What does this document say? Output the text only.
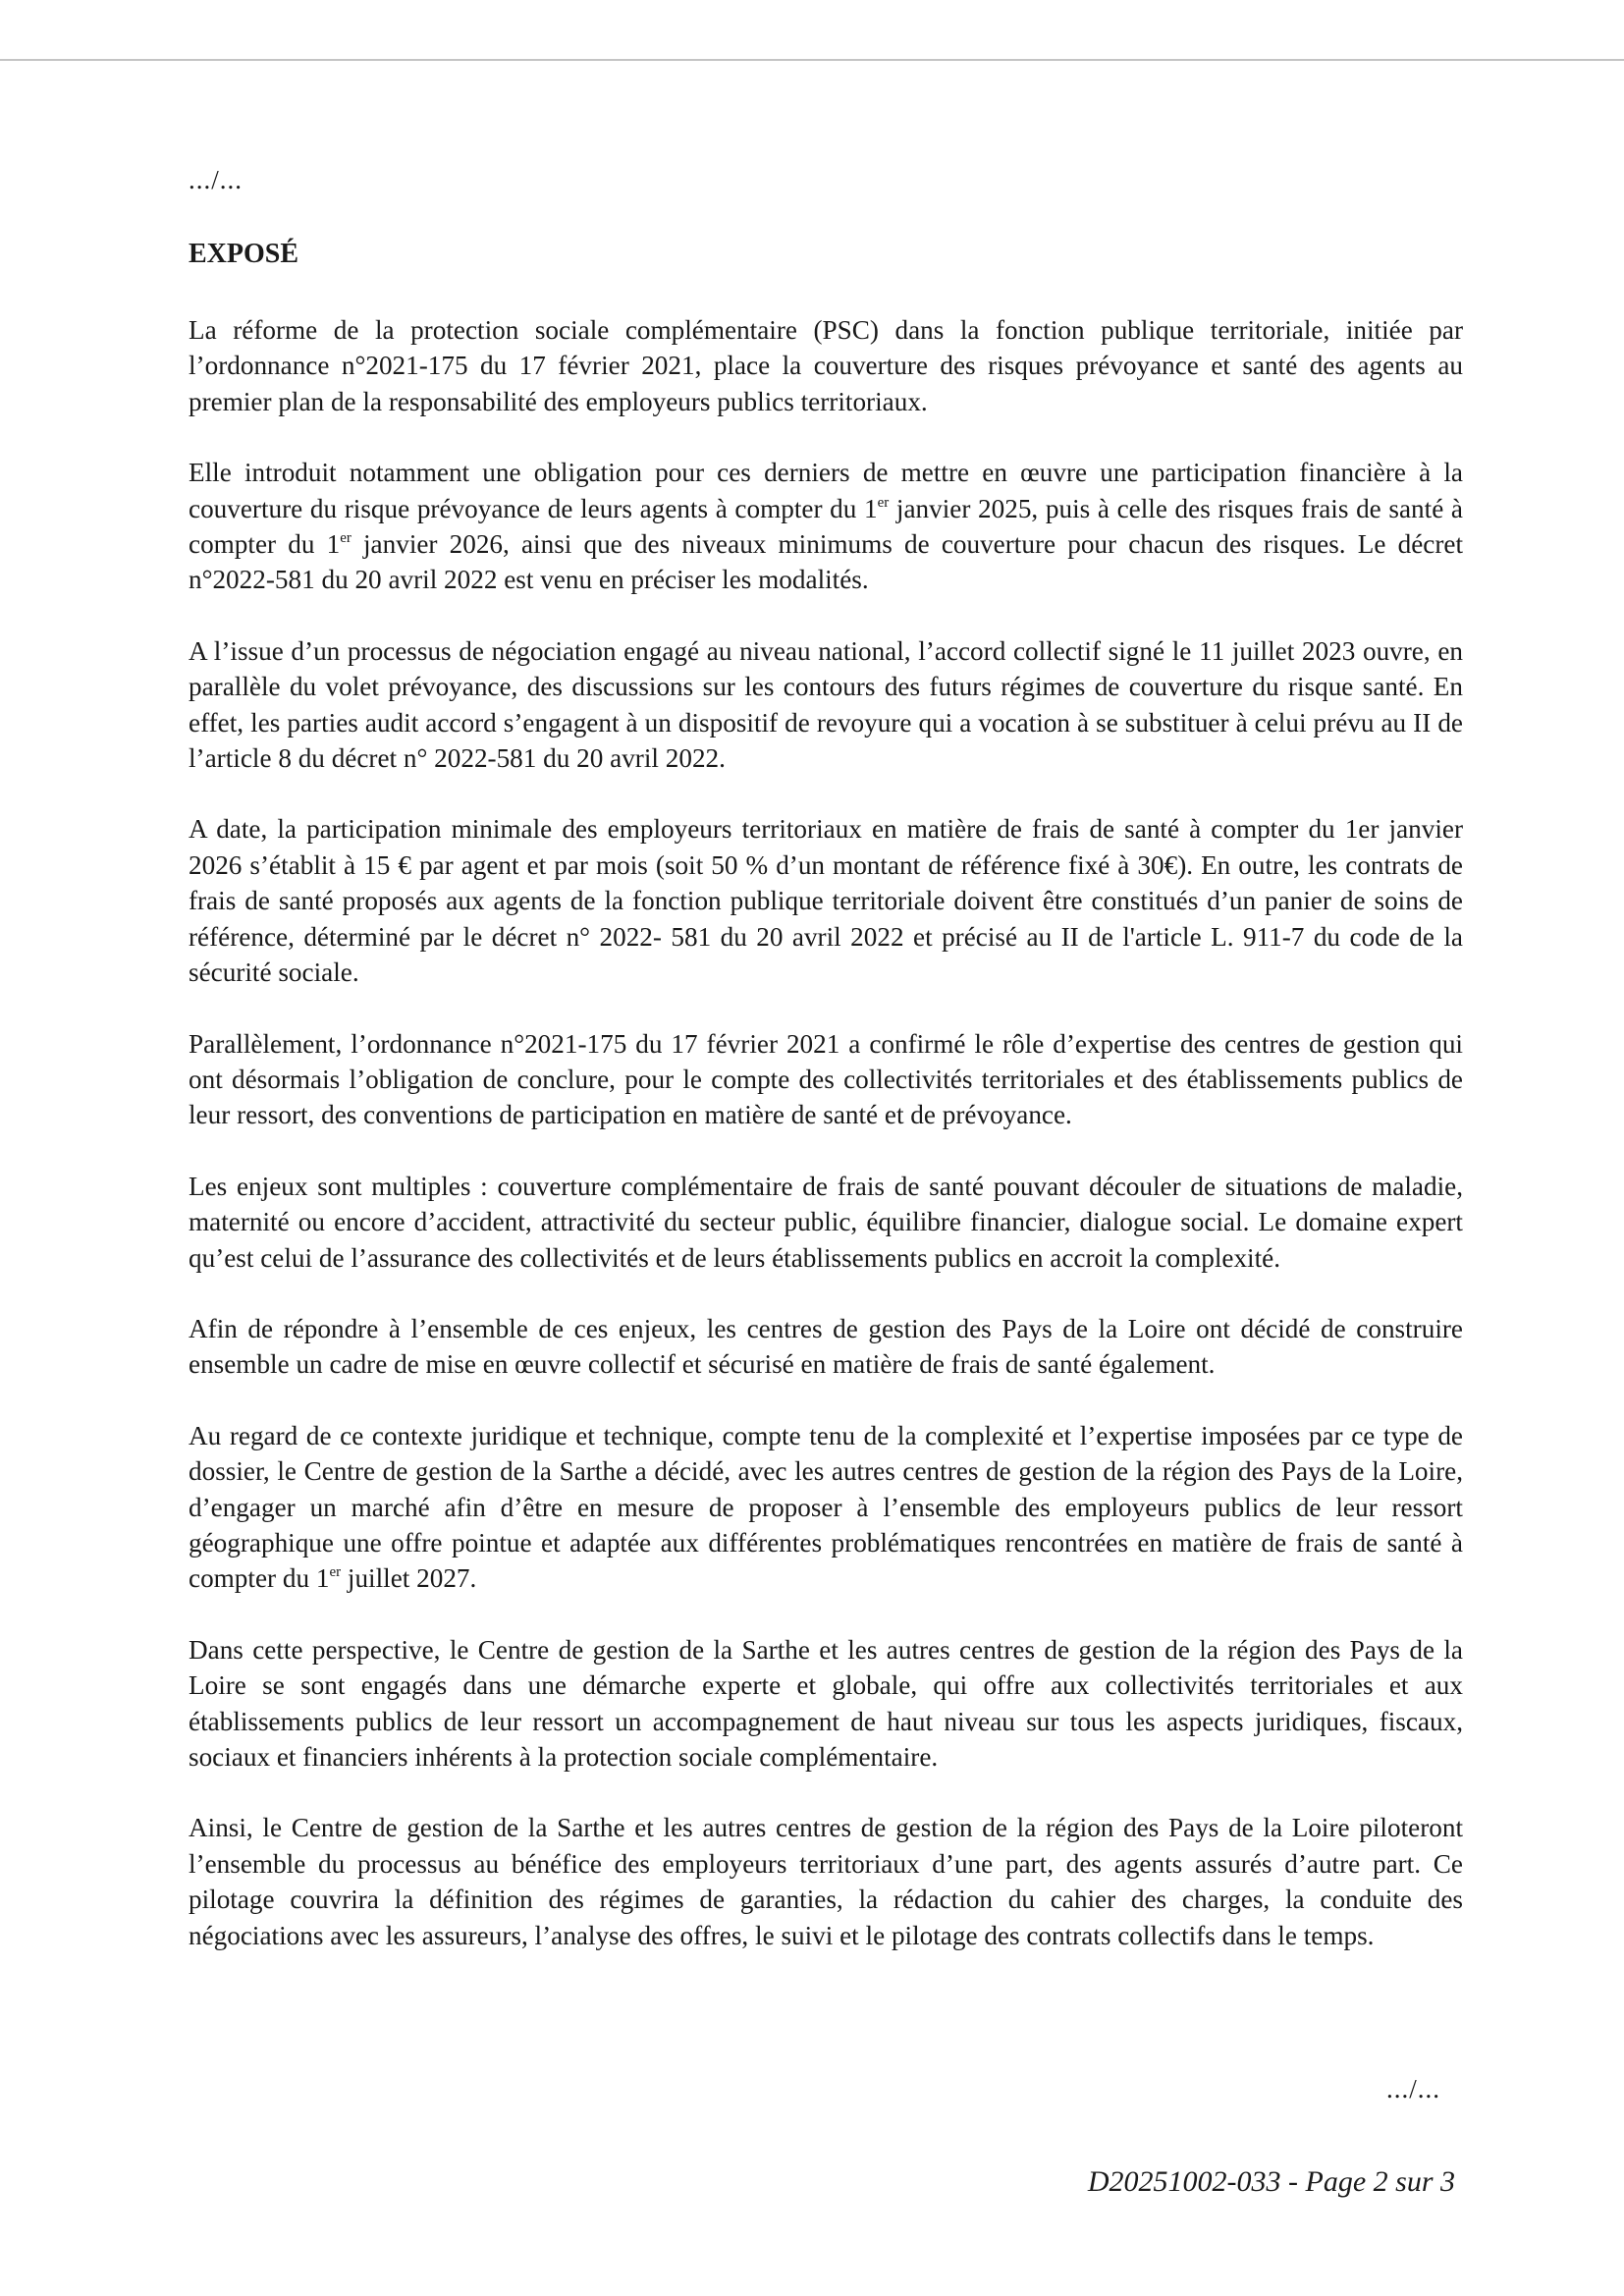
.../...
EXPOSÉ

La réforme de la protection sociale complémentaire (PSC) dans la fonction publique territoriale, initiée par l’ordonnance n°2021-175 du 17 février 2021, place la couverture des risques prévoyance et santé des agents au premier plan de la responsabilité des employeurs publics territoriaux.

Elle introduit notamment une obligation pour ces derniers de mettre en œuvre une participation financière à la couverture du risque prévoyance de leurs agents à compter du 1er janvier 2025, puis à celle des risques frais de santé à compter du 1er janvier 2026, ainsi que des niveaux minimums de couverture pour chacun des risques. Le décret n°2022-581 du 20 avril 2022 est venu en préciser les modalités.

A l’issue d’un processus de négociation engagé au niveau national, l’accord collectif signé le 11 juillet 2023 ouvre, en parallèle du volet prévoyance, des discussions sur les contours des futurs régimes de couverture du risque santé. En effet, les parties audit accord s’engagent à un dispositif de revoyure qui a vocation à se substituer à celui prévu au II de l’article 8 du décret n° 2022-581 du 20 avril 2022.

A date, la participation minimale des employeurs territoriaux en matière de frais de santé à compter du 1er janvier 2026 s’établit à 15 € par agent et par mois (soit 50 % d’un montant de référence fixé à 30€). En outre, les contrats de frais de santé proposés aux agents de la fonction publique territoriale doivent être constitués d’un panier de soins de référence, déterminé par le décret n° 2022- 581 du 20 avril 2022 et précisé au II de l'article L. 911-7 du code de la sécurité sociale.

Parallèlement, l’ordonnance n°2021-175 du 17 février 2021 a confirmé le rôle d’expertise des centres de gestion qui ont désormais l’obligation de conclure, pour le compte des collectivités territoriales et des établissements publics de leur ressort, des conventions de participation en matière de santé et de prévoyance.

Les enjeux sont multiples : couverture complémentaire de frais de santé pouvant découler de situations de maladie, maternité ou encore d’accident, attractivité du secteur public, équilibre financier, dialogue social. Le domaine expert qu’est celui de l’assurance des collectivités et de leurs établissements publics en accroit la complexité.

Afin de répondre à l’ensemble de ces enjeux, les centres de gestion des Pays de la Loire ont décidé de construire ensemble un cadre de mise en œuvre collectif et sécurisé en matière de frais de santé également.

Au regard de ce contexte juridique et technique, compte tenu de la complexité et l’expertise imposées par ce type de dossier, le Centre de gestion de la Sarthe a décidé, avec les autres centres de gestion de la région des Pays de la Loire, d’engager un marché afin d’être en mesure de proposer à l’ensemble des employeurs publics de leur ressort géographique une offre pointue et adaptée aux différentes problématiques rencontrées en matière de frais de santé à compter du 1er juillet 2027.

Dans cette perspective, le Centre de gestion de la Sarthe et les autres centres de gestion de la région des Pays de la Loire se sont engagés dans une démarche experte et globale, qui offre aux collectivités territoriales et aux établissements publics de leur ressort un accompagnement de haut niveau sur tous les aspects juridiques, fiscaux, sociaux et financiers inhérents à la protection sociale complémentaire.

Ainsi, le Centre de gestion de la Sarthe et les autres centres de gestion de la région des Pays de la Loire piloteront l’ensemble du processus au bénéfice des employeurs territoriaux d’une part, des agents assurés d’autre part. Ce pilotage couvrira la définition des régimes de garanties, la rédaction du cahier des charges, la conduite des négociations avec les assureurs, l’analyse des offres, le suivi et le pilotage des contrats collectifs dans le temps.

.../...
D20251002-033 - Page 2 sur 3
